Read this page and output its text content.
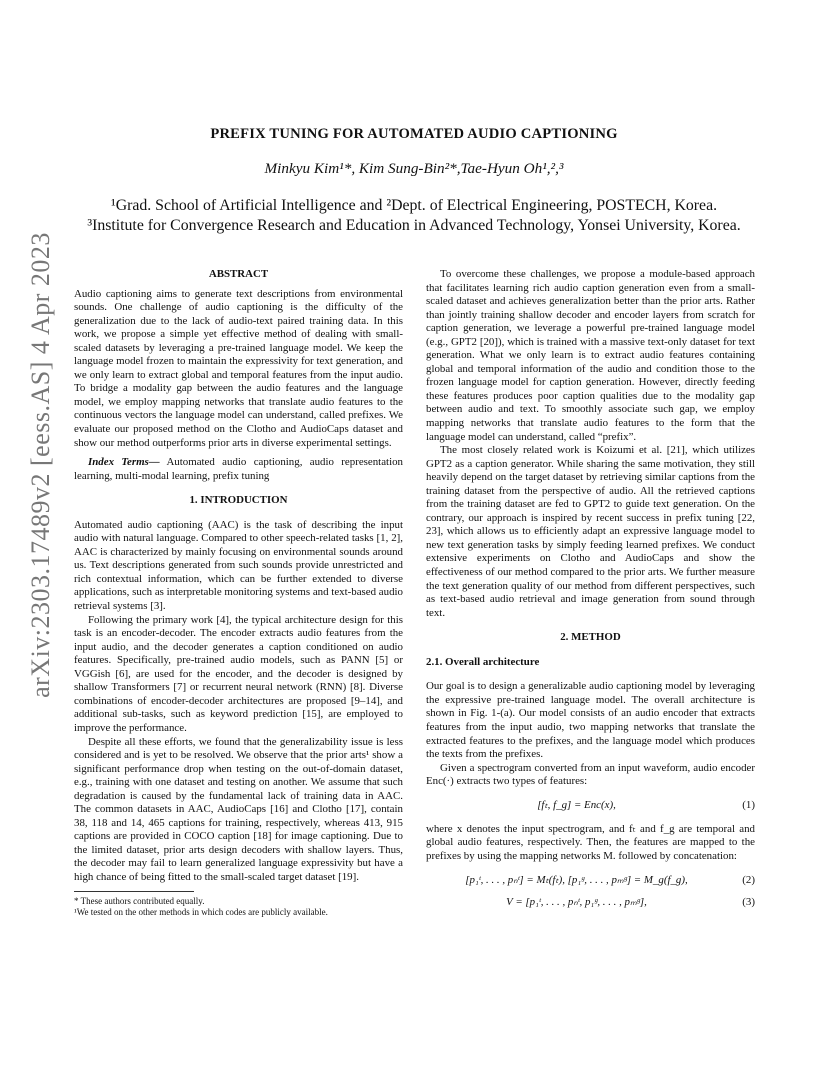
arXiv:2303.17489v2 [eess.AS] 4 Apr 2023
PREFIX TUNING FOR AUTOMATED AUDIO CAPTIONING
Minkyu Kim¹*, Kim Sung-Bin²*,Tae-Hyun Oh¹,²,³
¹Grad. School of Artificial Intelligence and ²Dept. of Electrical Engineering, POSTECH, Korea.
³Institute for Convergence Research and Education in Advanced Technology, Yonsei University, Korea.

ABSTRACT

Audio captioning aims to generate text descriptions from environmental sounds. One challenge of audio captioning is the difficulty of the generalization due to the lack of audio-text paired training data. In this work, we propose a simple yet effective method of dealing with small-scaled datasets by leveraging a pre-trained language model. We keep the language model frozen to maintain the expressivity for text generation, and we only learn to extract global and temporal features from the input audio. To bridge a modality gap between the audio features and the language model, we employ mapping networks that translate audio features to the continuous vectors the language model can understand, called prefixes. We evaluate our proposed method on the Clotho and AudioCaps dataset and show our method outperforms prior arts in diverse experimental settings.

Index Terms— Automated audio captioning, audio representation learning, multi-modal learning, prefix tuning

1. INTRODUCTION

Automated audio captioning (AAC) is the task of describing the input audio with natural language. Compared to other speech-related tasks [1, 2], AAC is characterized by mainly focusing on environmental sounds around us. Text descriptions generated from such sounds provide unrestricted and rich contextual information, which can be further extended to diverse applications, such as interpretable monitoring systems and text-based audio retrieval systems [3].

Following the primary work [4], the typical architecture design for this task is an encoder-decoder. The encoder extracts audio features from the input audio, and the decoder generates a caption conditioned on audio features. Specifically, pre-trained audio models, such as PANN [5] or VGGish [6], are used for the encoder, and the decoder is designed by shallow Transformers [7] or recurrent neural network (RNN) [8]. Diverse combinations of encoder-decoder architectures are proposed [9–14], and additional sub-tasks, such as keyword prediction [15], are employed to improve the performance.

Despite all these efforts, we found that the generalizability issue is less considered and is yet to be resolved. We observe that the prior arts¹ show a significant performance drop when testing on the out-of-domain dataset, e.g., training with one dataset and testing on another. We assume that such degradation is caused by the fundamental lack of training data in AAC. The common datasets in AAC, AudioCaps [16] and Clotho [17], contain 38, 118 and 14, 465 captions for training, respectively, whereas 413, 915 captions are provided in COCO caption [18] for image captioning. Due to the limited dataset, prior arts design decoders with shallow layers. Thus, the decoder may fail to learn generalized language expressivity but have a high chance of being fitted to the small-scaled target dataset [19].

* These authors contributed equally.

¹We tested on the other methods in which codes are publicly available.

To overcome these challenges, we propose a module-based approach that facilitates learning rich audio caption generation even from a small-scaled dataset and achieves generalization better than the prior arts. Rather than jointly training shallow decoder and encoder layers from scratch for caption generation, we leverage a powerful pre-trained language model (e.g., GPT2 [20]), which is trained with a massive text-only dataset for text generation. What we only learn is to extract audio features containing global and temporal information of the audio and condition those to the frozen language model for caption generation. However, directly feeding these features produces poor caption qualities due to the modality gap between audio and text. To smoothly associate such gap, we employ mapping networks that translate audio features to the form that the language model can understand, called “prefix”.

The most closely related work is Koizumi et al. [21], which utilizes GPT2 as a caption generator. While sharing the same motivation, they still heavily depend on the target dataset by retrieving similar captions from the training dataset from the perspective of audio. All the retrieved captions from the training dataset are fed to GPT2 to guide text generation. On the contrary, our approach is inspired by recent success in prefix tuning [22, 23], which allows us to efficiently adapt an expressive language model to new text generation tasks by simply feeding learned prefixes. We conduct extensive experiments on Clotho and AudioCaps and show the effectiveness of our method compared to the prior arts. We further measure the text generation quality of our method from different perspectives, such as text-based audio retrieval and image generation from sound through text.

2. METHOD

2.1. Overall architecture

Our goal is to design a generalizable audio captioning model by leveraging the expressive pre-trained language model. The overall architecture is shown in Fig. 1-(a). Our model consists of an audio encoder that extracts features from the input audio, two mapping networks that translate the extracted features to the prefixes, and the language model which produces the texts from the prefixes.

Given a spectrogram converted from an input waveform, audio encoder Enc(·) extracts two types of features:

[fₜ, f_g] = Enc(x),	(1)

where x denotes the input spectrogram, and fₜ and f_g are temporal and global audio features, respectively. Then, the features are mapped to the prefixes by using the mapping networks M. followed by concatenation:

[p₁ᵗ, . . . , pₙᵗ] = Mₜ(fₜ), [p₁ᵍ, . . . , pₘᵍ] = M_g(f_g),	(2)
V = [p₁ᵗ, . . . , pₙᵗ, p₁ᵍ, . . . , pₘᵍ],	(3)
